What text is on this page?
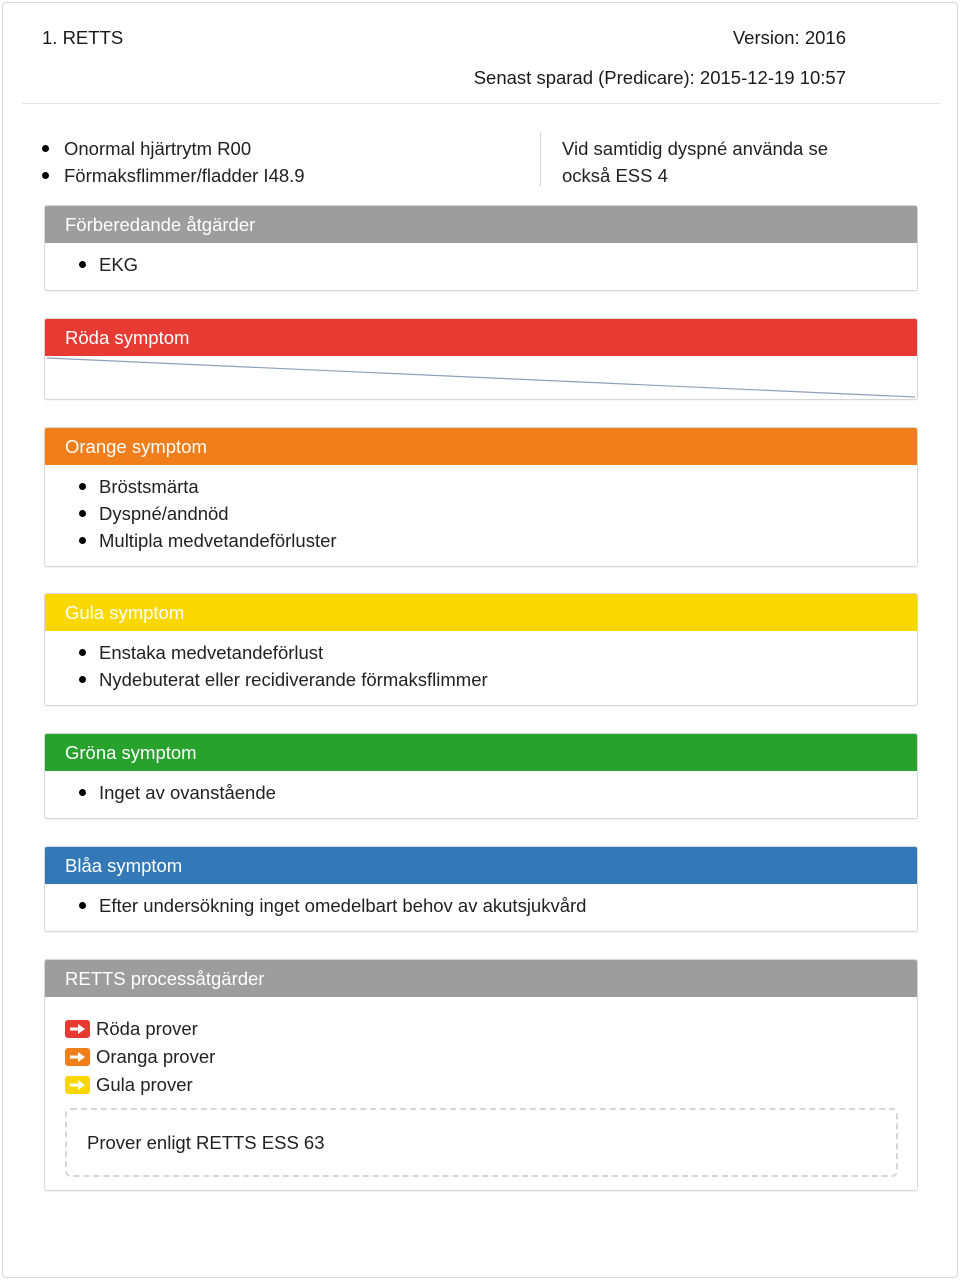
1. RETTS	Version: 2016
Senast sparad (Predicare): 2015-12-19 10:57
Onormal hjärtrytm R00
Förmaksflimmer/fladder I48.9
Vid samtidig dyspné använda se också ESS 4
Förberedande åtgärder
EKG
Röda symptom
Orange symptom
Bröstsmärta
Dyspné/andnöd
Multipla medvetandeförluster
Gula symptom
Enstaka medvetandeförlust
Nydebuterat eller recidiverande förmaksflimmer
Gröna symptom
Inget av ovanstående
Blåa symptom
Efter undersökning inget omedelbart behov av akutsjukvård
RETTS processåtgärder
Röda prover
Oranga prover
Gula prover
Prover enligt RETTS ESS 63
